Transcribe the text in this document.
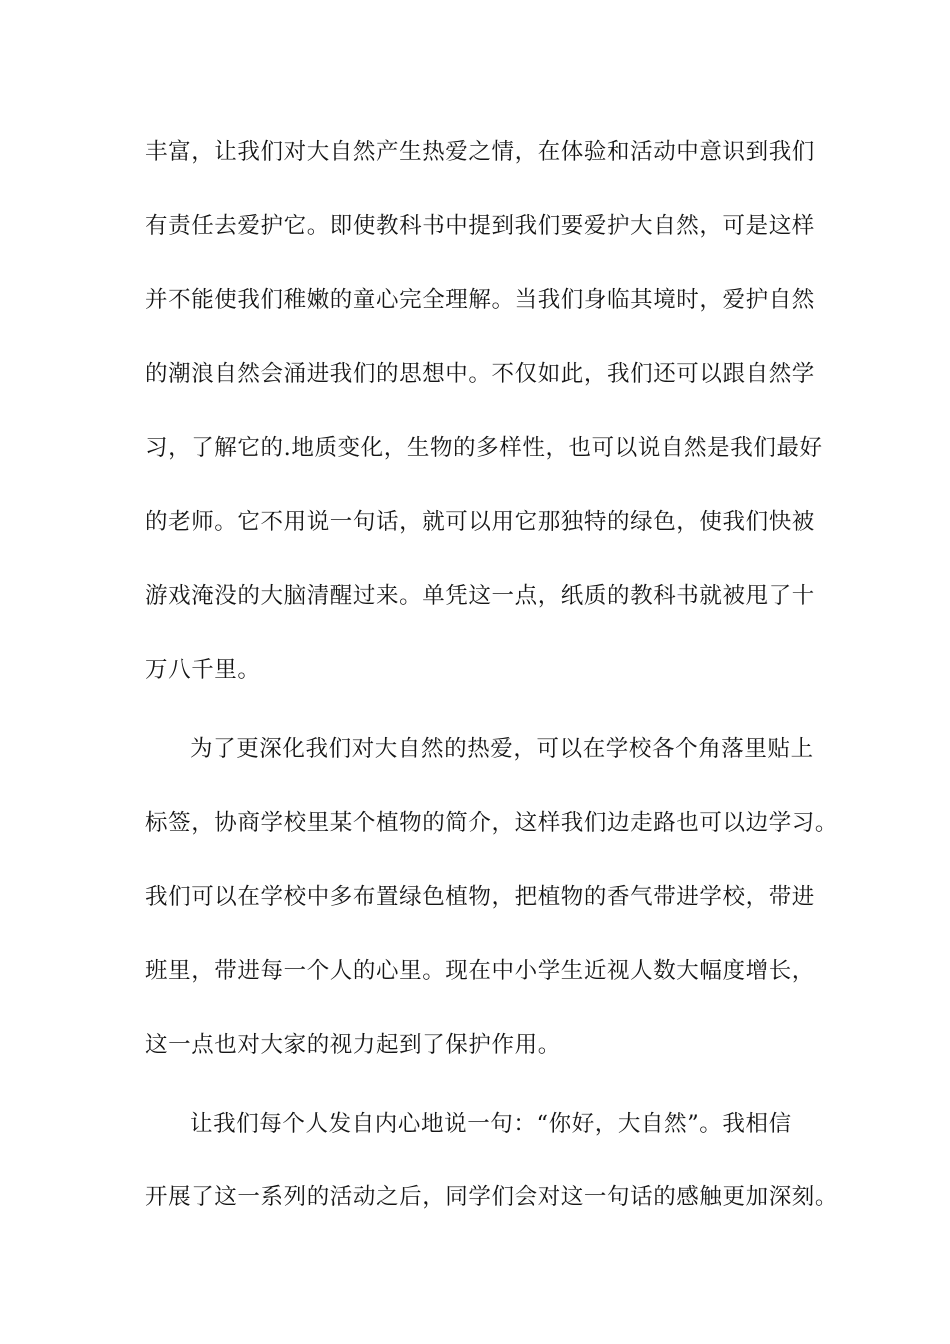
丰富，让我们对大自然产生热爱之情，在体验和活动中意识到我们
有责任去爱护它。即使教科书中提到我们要爱护大自然，可是这样
并不能使我们稚嫩的童心完全理解。当我们身临其境时，爱护自然
的潮浪自然会涌进我们的思想中。不仅如此，我们还可以跟自然学
习，了解它的.地质变化，生物的多样性，也可以说自然是我们最好
的老师。它不用说一句话，就可以用它那独特的绿色，使我们快被
游戏淹没的大脑清醒过来。单凭这一点，纸质的教科书就被甩了十
万八千里。
为了更深化我们对大自然的热爱，可以在学校各个角落里贴上
标签，协商学校里某个植物的简介，这样我们边走路也可以边学习。
我们可以在学校中多布置绿色植物，把植物的香气带进学校，带进
班里，带进每一个人的心里。现在中小学生近视人数大幅度增长，
这一点也对大家的视力起到了保护作用。
让我们每个人发自内心地说一句：“你好，大自然”。我相信
开展了这一系列的活动之后，同学们会对这一句话的感触更加深刻。
